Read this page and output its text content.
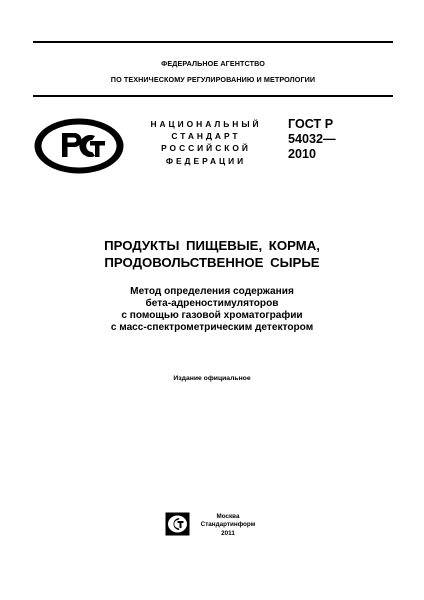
ФЕДЕРАЛЬНОЕ АГЕНТСТВО
ПО ТЕХНИЧЕСКОМУ РЕГУЛИРОВАНИЮ И МЕТРОЛОГИИ
НАЦИОНАЛЬНЫЙ
СТАНДАРТ
РОССИЙСКОЙ
ФЕДЕРАЦИИ
ГОСТ Р
54032—
2010
ПРОДУКТЫ ПИЩЕВЫЕ, КОРМА,
ПРОДОВОЛЬСТВЕННОЕ СЫРЬЕ
Метод определения содержания
бета-адреностимуляторов
с помощью газовой хроматографии
с масс-спектрометрическим детектором
Издание официальное
Москва
Стандартинформ
2011
